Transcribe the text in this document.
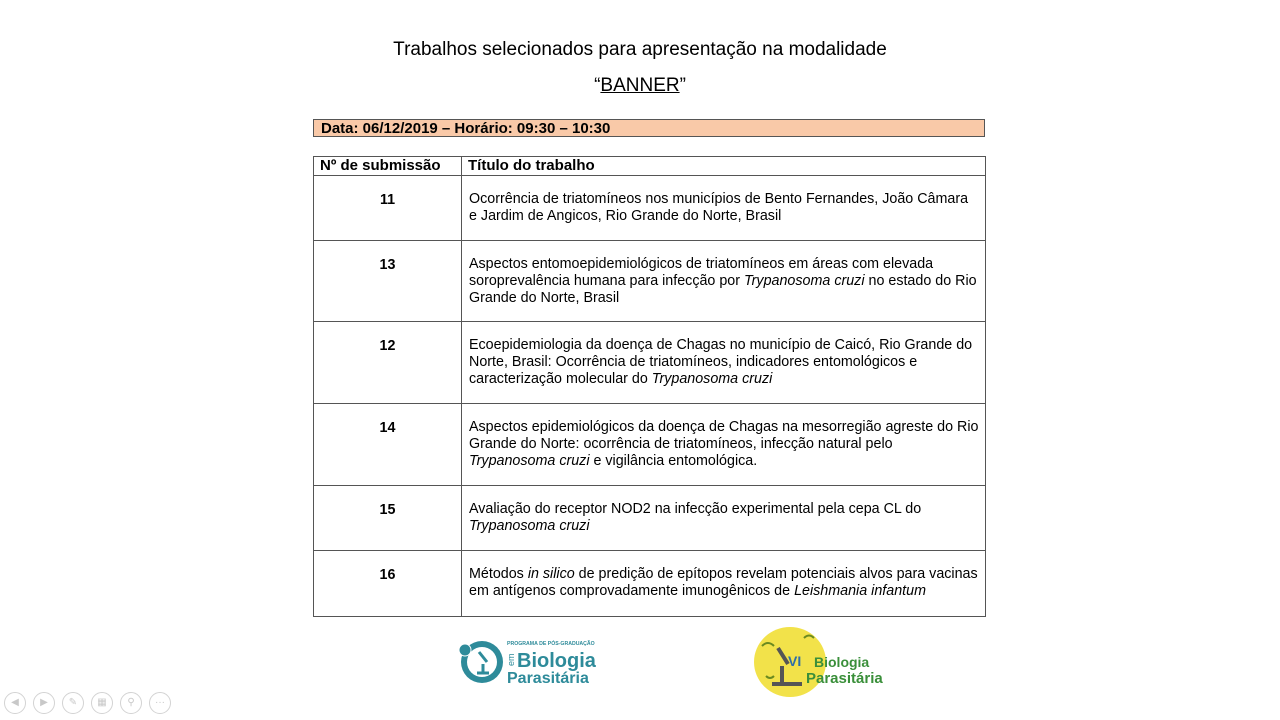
Trabalhos selecionados para apresentação na modalidade
“BANNER”
Data: 06/12/2019 – Horário: 09:30 – 10:30
Nº de submissão	Título do trabalho
11	Ocorrência de triatomíneos nos municípios de Bento Fernandes, João Câmara e Jardim de Angicos, Rio Grande do Norte, Brasil
13	Aspectos entomoepidemiológicos de triatomíneos em áreas com elevada soroprevalência humana para infecção por Trypanosoma cruzi no estado do Rio Grande do Norte, Brasil
12	Ecoepidemiologia da doença de Chagas no município de Caicó, Rio Grande do Norte, Brasil: Ocorrência de triatomíneos, indicadores entomológicos e caracterização molecular do Trypanosoma cruzi
14	Aspectos epidemiológicos da doença de Chagas na mesorregião agreste do Rio Grande do Norte: ocorrência de triatomíneos, infecção natural pelo Trypanosoma cruzi e vigilância entomológica.
15	Avaliação do receptor NOD2 na infecção experimental pela cepa CL do Trypanosoma cruzi
16	Métodos in silico de predição de epítopos revelam potenciais alvos para vacinas em antígenos comprovadamente imunogênicos de Leishmania infantum
PROGRAMA DE PÓS-GRADUAÇÃO
em Biologia
Parasitária
VI Biologia
Parasitária
◀	▶	✎	▦	⚲	···
